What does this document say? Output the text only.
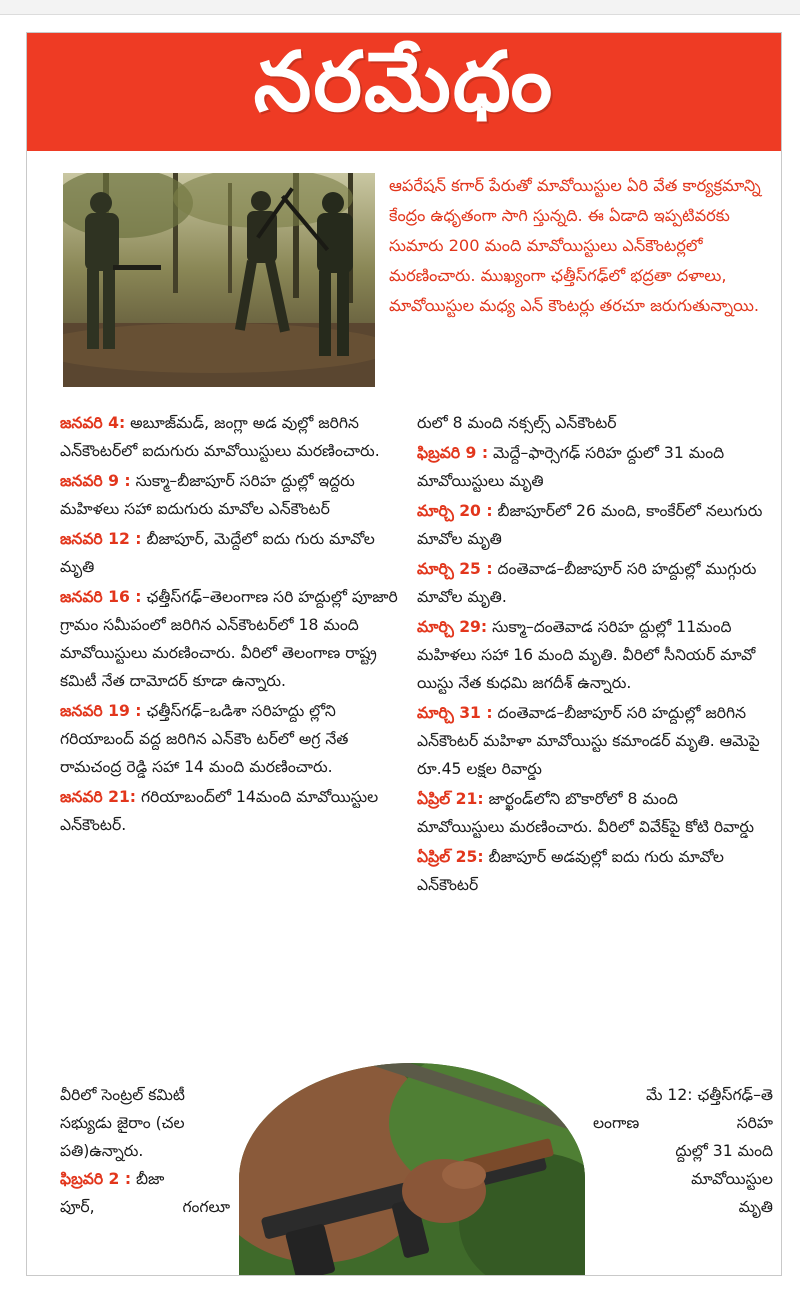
నరమేధం

ఆపరేషన్ కగార్ పేరుతో మావోయిస్టుల ఏరి వేత కార్యక్రమాన్ని కేంద్రం ఉధృతంగా సాగి స్తున్నది. ఈ ఏడాది ఇప్పటివరకు సుమారు 200 మంది మావోయిస్టులు ఎన్‌కౌంటర్లలో మరణించారు. ముఖ్యంగా ఛత్తీస్‌గఢ్‌లో భద్రతా దళాలు, మావోయిస్టుల మధ్య ఎన్ కౌంటర్లు తరచూ జరుగుతున్నాయి.

జనవరి 4: అబూజ్‌మడ్, జంగ్లా అడ వుల్లో జరిగిన ఎన్‌కౌంటర్‌లో ఐదుగురు మావోయిస్టులు మరణించారు.

జనవరి 9 : సుక్మా–బీజాపూర్ సరిహ ద్దుల్లో ఇద్దరు మహిళలు సహా ఐదుగురు మావోల ఎన్‌కౌంటర్

జనవరి 12 : బీజాపూర్, మెద్దేలో ఐదు గురు మావోల మృతి

జనవరి 16 : ఛత్తీస్‌గఢ్–తెలంగాణ సరి హద్దుల్లో పూజారి గ్రామం సమీపంలో జరిగిన ఎన్‌కౌంటర్‌లో 18 మంది మావోయిస్టులు మరణించారు. వీరిలో తెలంగాణ రాష్ట్ర కమిటీ నేత దామోదర్ కూడా ఉన్నారు.

జనవరి 19 : ఛత్తీస్‌గఢ్–ఒడిశా సరిహద్దు ల్లోని గరియాబంద్ వద్ద జరిగిన ఎన్‌కౌం టర్‌లో అగ్ర నేత రామచంద్ర రెడ్డి సహా 14 మంది మరణించారు.

జనవరి 21: గరియాబంద్‌లో 14మంది మావోయిస్టుల ఎన్‌కౌంటర్.

వీరిలో సెంట్రల్ కమిటీ
సభ్యుడు జైరాం (చల
పతి)ఉన్నారు.
ఫిబ్రవరి 2 : బీజా
పూర్,	గంగలూ

రులో 8 మంది నక్సల్స్ ఎన్‌కౌంటర్

ఫిబ్రవరి 9 : మెద్దే–ఫార్సెగఢ్ సరిహ ద్దులో 31 మంది మావోయిస్టులు మృతి

మార్చి 20 : బీజాపూర్‌లో 26 మంది, కాంకేర్‌లో నలుగురు మావోల మృతి

మార్చి 25 : దంతెవాడ–బీజాపూర్ సరి హద్దుల్లో ముగ్గురు మావోల మృతి.

మార్చి 29: సుక్మా–దంతెవాడ సరిహ ద్దుల్లో 11మంది మహిళలు సహా 16 మంది మృతి. వీరిలో సీనియర్ మావో యిస్టు నేత కుధమి జగదీశ్ ఉన్నారు.

మార్చి 31 : దంతెవాడ–బీజాపూర్ సరి హద్దుల్లో జరిగిన ఎన్‌కౌంటర్ మహిళా మావోయిస్టు కమాండర్ మృతి. ఆమెపై రూ.45 లక్షల రివార్డు

ఏప్రిల్ 21: జార్ఖండ్‌లోని బొకారోలో 8 మంది మావోయిస్టులు మరణించారు. వీరిలో వివేక్‌పై కోటి రివార్డు

ఏప్రిల్ 25: బీజాపూర్ అడవుల్లో ఐదు గురు మావోల ఎన్‌కౌంటర్

మే 12: ఛత్తీస్‌గఢ్–తె
లంగాణ	సరిహ
ద్దుల్లో 31 మంది
మావోయిస్టుల
మృతి
